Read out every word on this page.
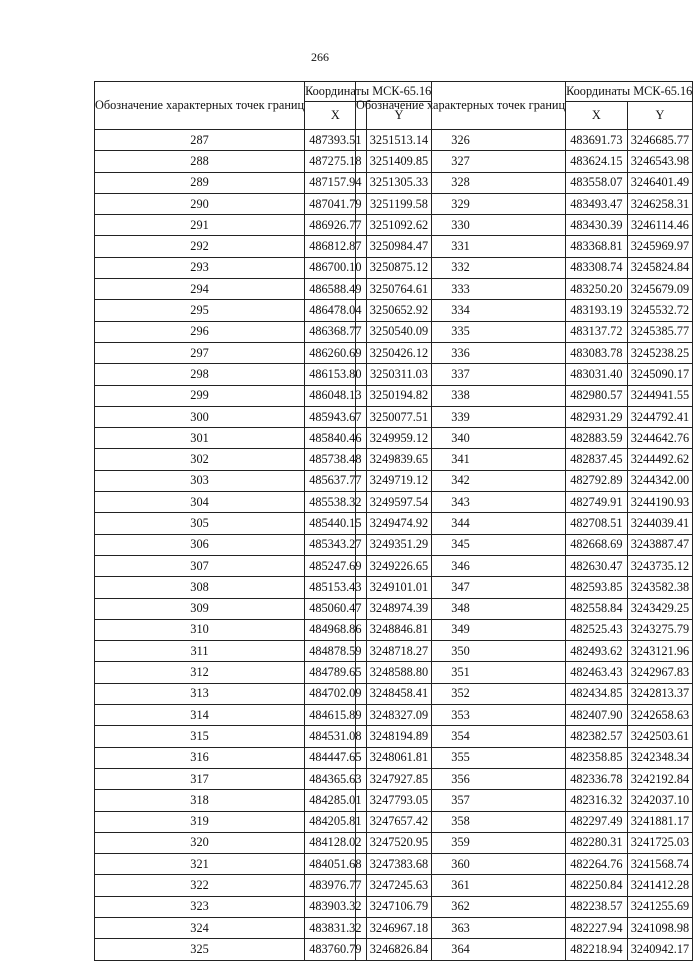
266
Обозначение характерных точек границ	Координаты МСК-65.16	
	X	Y
287	487393.51	3251513.14
288	487275.18	3251409.85
289	487157.94	3251305.33
290	487041.79	3251199.58
291	486926.77	3251092.62
292	486812.87	3250984.47
293	486700.10	3250875.12
294	486588.49	3250764.61
295	486478.04	3250652.92
296	486368.77	3250540.09
297	486260.69	3250426.12
298	486153.80	3250311.03
299	486048.13	3250194.82
300	485943.67	3250077.51
301	485840.46	3249959.12
302	485738.48	3249839.65
303	485637.77	3249719.12
304	485538.32	3249597.54
305	485440.15	3249474.92
306	485343.27	3249351.29
307	485247.69	3249226.65
308	485153.43	3249101.01
309	485060.47	3248974.39
310	484968.86	3248846.81
311	484878.59	3248718.27
312	484789.65	3248588.80
313	484702.09	3248458.41
314	484615.89	3248327.09
315	484531.08	3248194.89
316	484447.65	3248061.81
317	484365.63	3247927.85
318	484285.01	3247793.05
319	484205.81	3247657.42
320	484128.02	3247520.95
321	484051.68	3247383.68
322	483976.77	3247245.63
323	483903.32	3247106.79
324	483831.32	3246967.18
325	483760.79	3246826.84
Обозначение характерных точек границ	Координаты МСК-65.16	
	X	Y
326	483691.73	3246685.77
327	483624.15	3246543.98
328	483558.07	3246401.49
329	483493.47	3246258.31
330	483430.39	3246114.46
331	483368.81	3245969.97
332	483308.74	3245824.84
333	483250.20	3245679.09
334	483193.19	3245532.72
335	483137.72	3245385.77
336	483083.78	3245238.25
337	483031.40	3245090.17
338	482980.57	3244941.55
339	482931.29	3244792.41
340	482883.59	3244642.76
341	482837.45	3244492.62
342	482792.89	3244342.00
343	482749.91	3244190.93
344	482708.51	3244039.41
345	482668.69	3243887.47
346	482630.47	3243735.12
347	482593.85	3243582.38
348	482558.84	3243429.25
349	482525.43	3243275.79
350	482493.62	3243121.96
351	482463.43	3242967.83
352	482434.85	3242813.37
353	482407.90	3242658.63
354	482382.57	3242503.61
355	482358.85	3242348.34
356	482336.78	3242192.84
357	482316.32	3242037.10
358	482297.49	3241881.17
359	482280.31	3241725.03
360	482264.76	3241568.74
361	482250.84	3241412.28
362	482238.57	3241255.69
363	482227.94	3241098.98
364	482218.94	3240942.17
